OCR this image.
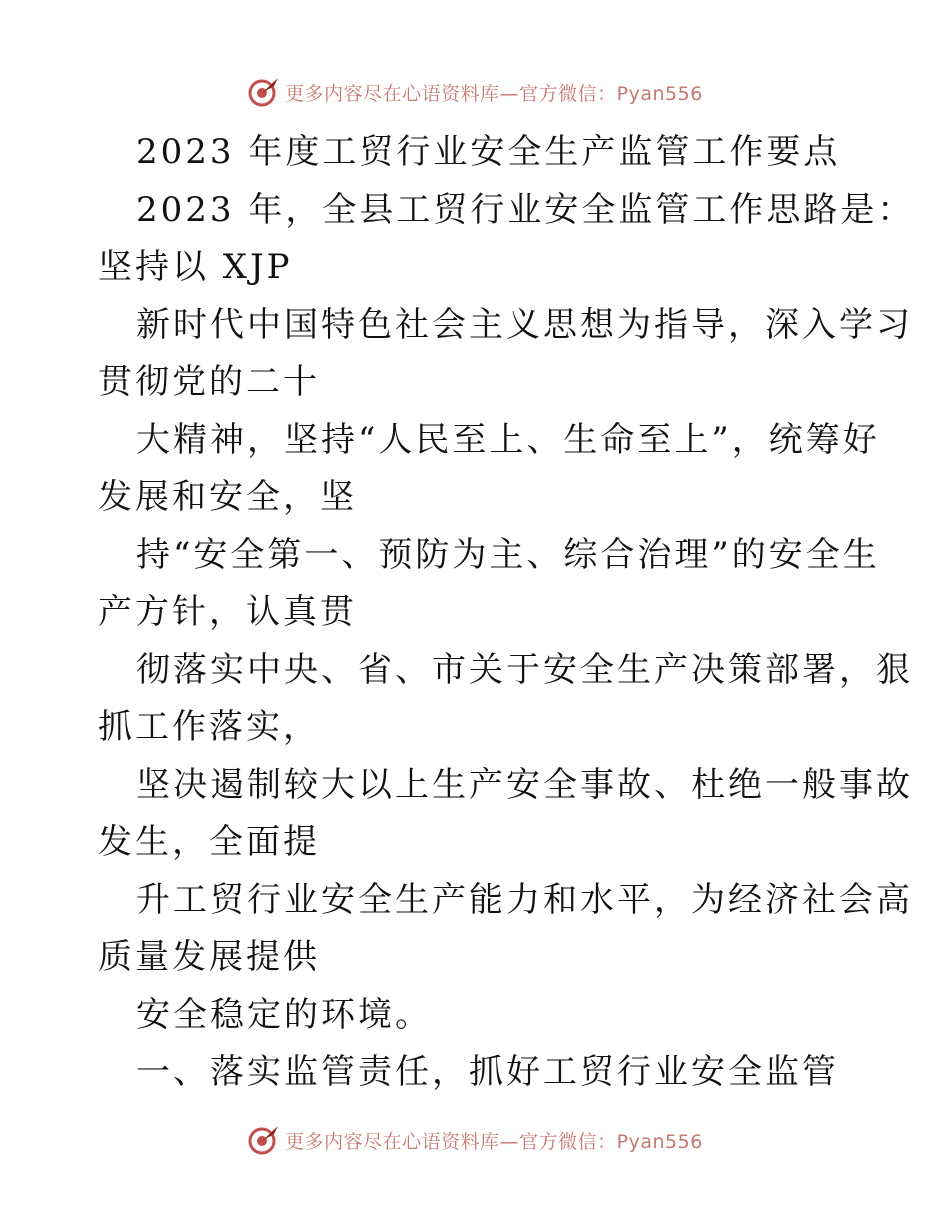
更多内容尽在心语资料库—官方微信：Pyan556
2023 年度工贸行业安全生产监管工作要点
2023 年，全县工贸行业安全监管工作思路是：
坚持以 XJP
新时代中国特色社会主义思想为指导，深入学习
贯彻党的二十
大精神，坚持“人民至上、生命至上”，统筹好
发展和安全，坚
持“安全第一、预防为主、综合治理”的安全生
产方针，认真贯
彻落实中央、省、市关于安全生产决策部署，狠
抓工作落实，
坚决遏制较大以上生产安全事故、杜绝一般事故
发生，全面提
升工贸行业安全生产能力和水平，为经济社会高
质量发展提供
安全稳定的环境。
一、落实监管责任，抓好工贸行业安全监管
更多内容尽在心语资料库—官方微信：Pyan556
